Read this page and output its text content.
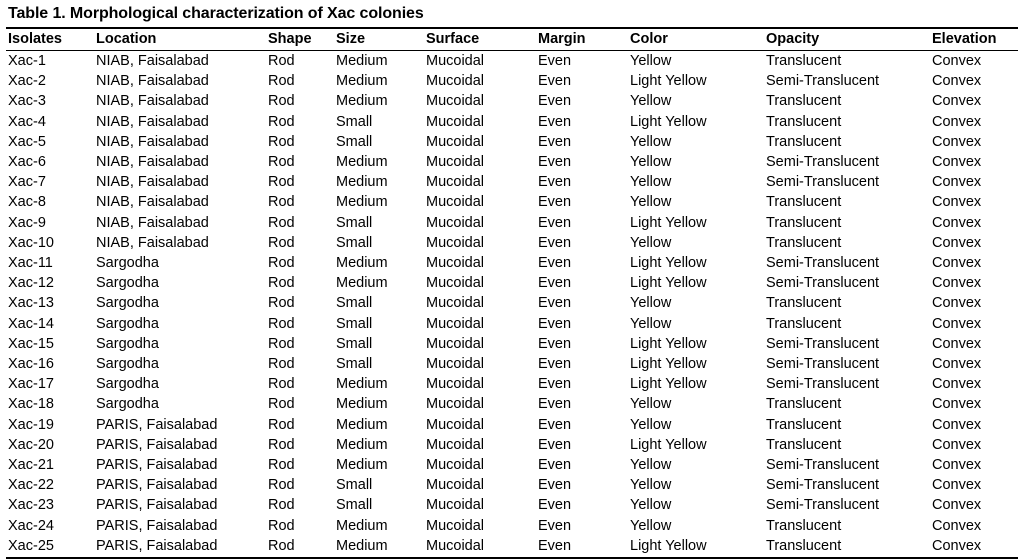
Table 1. Morphological characterization of Xac colonies
Isolates	Location	Shape	Size	Surface	Margin	Color	Opacity	Elevation
Xac-1	NIAB, Faisalabad	Rod	Medium	Mucoidal	Even	Yellow	Translucent	Convex
Xac-2	NIAB, Faisalabad	Rod	Medium	Mucoidal	Even	Light Yellow	Semi-Translucent	Convex
Xac-3	NIAB, Faisalabad	Rod	Medium	Mucoidal	Even	Yellow	Translucent	Convex
Xac-4	NIAB, Faisalabad	Rod	Small	Mucoidal	Even	Light Yellow	Translucent	Convex
Xac-5	NIAB, Faisalabad	Rod	Small	Mucoidal	Even	Yellow	Translucent	Convex
Xac-6	NIAB, Faisalabad	Rod	Medium	Mucoidal	Even	Yellow	Semi-Translucent	Convex
Xac-7	NIAB, Faisalabad	Rod	Medium	Mucoidal	Even	Yellow	Semi-Translucent	Convex
Xac-8	NIAB, Faisalabad	Rod	Medium	Mucoidal	Even	Yellow	Translucent	Convex
Xac-9	NIAB, Faisalabad	Rod	Small	Mucoidal	Even	Light Yellow	Translucent	Convex
Xac-10	NIAB, Faisalabad	Rod	Small	Mucoidal	Even	Yellow	Translucent	Convex
Xac-11	Sargodha	Rod	Medium	Mucoidal	Even	Light Yellow	Semi-Translucent	Convex
Xac-12	Sargodha	Rod	Medium	Mucoidal	Even	Light Yellow	Semi-Translucent	Convex
Xac-13	Sargodha	Rod	Small	Mucoidal	Even	Yellow	Translucent	Convex
Xac-14	Sargodha	Rod	Small	Mucoidal	Even	Yellow	Translucent	Convex
Xac-15	Sargodha	Rod	Small	Mucoidal	Even	Light Yellow	Semi-Translucent	Convex
Xac-16	Sargodha	Rod	Small	Mucoidal	Even	Light Yellow	Semi-Translucent	Convex
Xac-17	Sargodha	Rod	Medium	Mucoidal	Even	Light Yellow	Semi-Translucent	Convex
Xac-18	Sargodha	Rod	Medium	Mucoidal	Even	Yellow	Translucent	Convex
Xac-19	PARIS, Faisalabad	Rod	Medium	Mucoidal	Even	Yellow	Translucent	Convex
Xac-20	PARIS, Faisalabad	Rod	Medium	Mucoidal	Even	Light Yellow	Translucent	Convex
Xac-21	PARIS, Faisalabad	Rod	Medium	Mucoidal	Even	Yellow	Semi-Translucent	Convex
Xac-22	PARIS, Faisalabad	Rod	Small	Mucoidal	Even	Yellow	Semi-Translucent	Convex
Xac-23	PARIS, Faisalabad	Rod	Small	Mucoidal	Even	Yellow	Semi-Translucent	Convex
Xac-24	PARIS, Faisalabad	Rod	Medium	Mucoidal	Even	Yellow	Translucent	Convex
Xac-25	PARIS, Faisalabad	Rod	Medium	Mucoidal	Even	Light Yellow	Translucent	Convex
